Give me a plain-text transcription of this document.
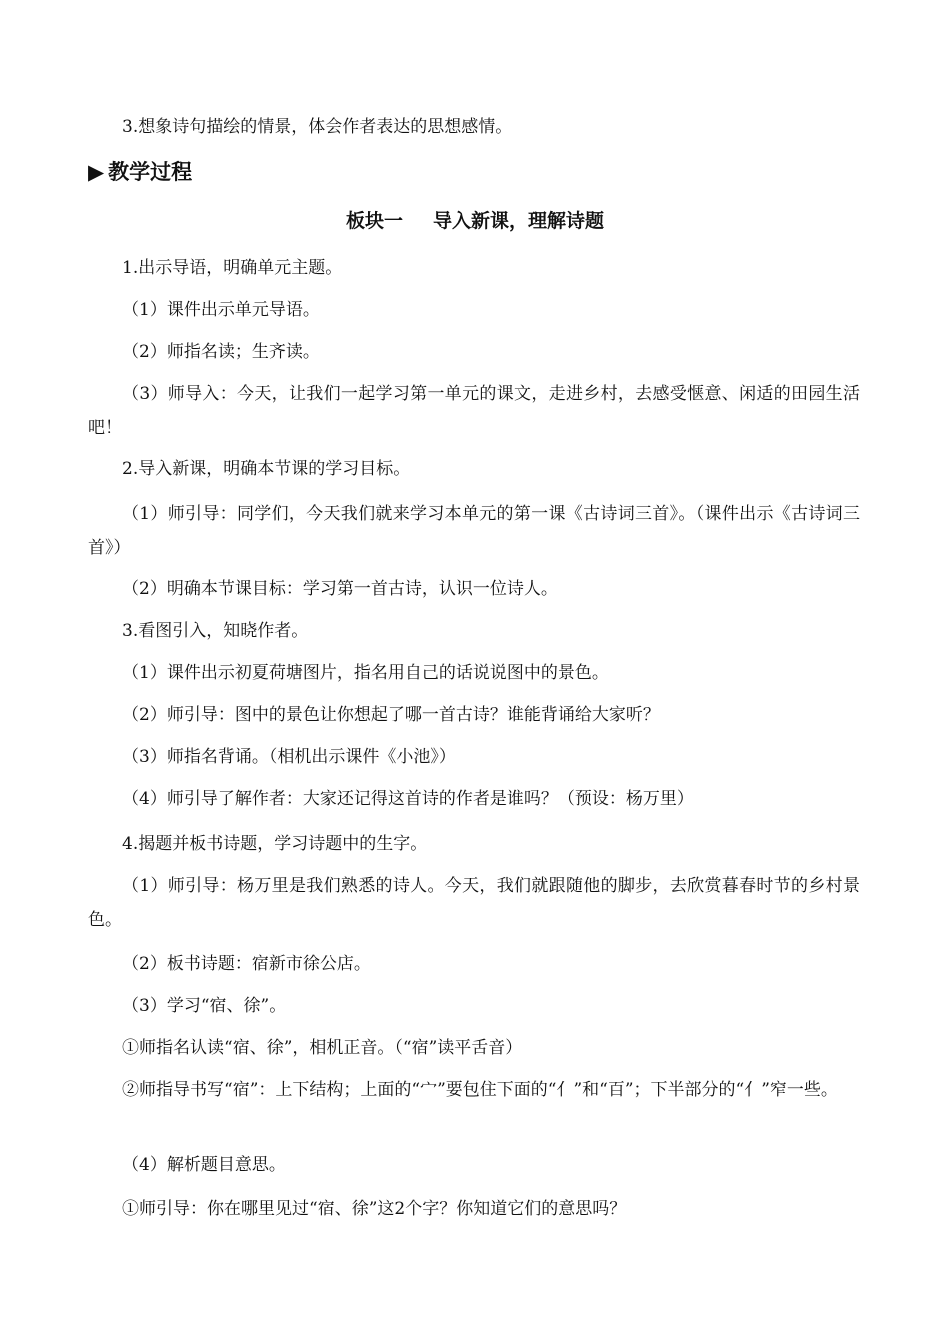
3.想象诗句描绘的情景，体会作者表达的思想感情。
▶ 教学过程
板块一 导入新课，理解诗题
1.出示导语，明确单元主题。
（1）课件出示单元导语。
（2）师指名读；生齐读。
（3）师导入：今天，让我们一起学习第一单元的课文，走进乡村，去感受惬意、闲适的田园生活吧！
2.导入新课，明确本节课的学习目标。
（1）师引导：同学们，今天我们就来学习本单元的第一课《古诗词三首》。（课件出示《古诗词三首》）
（2）明确本节课目标：学习第一首古诗，认识一位诗人。
3.看图引入，知晓作者。
（1）课件出示初夏荷塘图片，指名用自己的话说说图中的景色。
（2）师引导：图中的景色让你想起了哪一首古诗？谁能背诵给大家听？
（3）师指名背诵。（相机出示课件《小池》）
（4）师引导了解作者：大家还记得这首诗的作者是谁吗？（预设：杨万里）
4.揭题并板书诗题，学习诗题中的生字。
（1）师引导：杨万里是我们熟悉的诗人。今天，我们就跟随他的脚步，去欣赏暮春时节的乡村景色。
（2）板书诗题：宿新市徐公店。
（3）学习“宿、徐”。
①师指名认读“宿、徐”，相机正音。（“宿”读平舌音）
②师指导书写“宿”：上下结构；上面的“宀”要包住下面的“亻”和“百”；下半部分的“亻”窄一些。
（4）解析题目意思。
①师引导：你在哪里见过“宿、徐”这2个字？你知道它们的意思吗？
